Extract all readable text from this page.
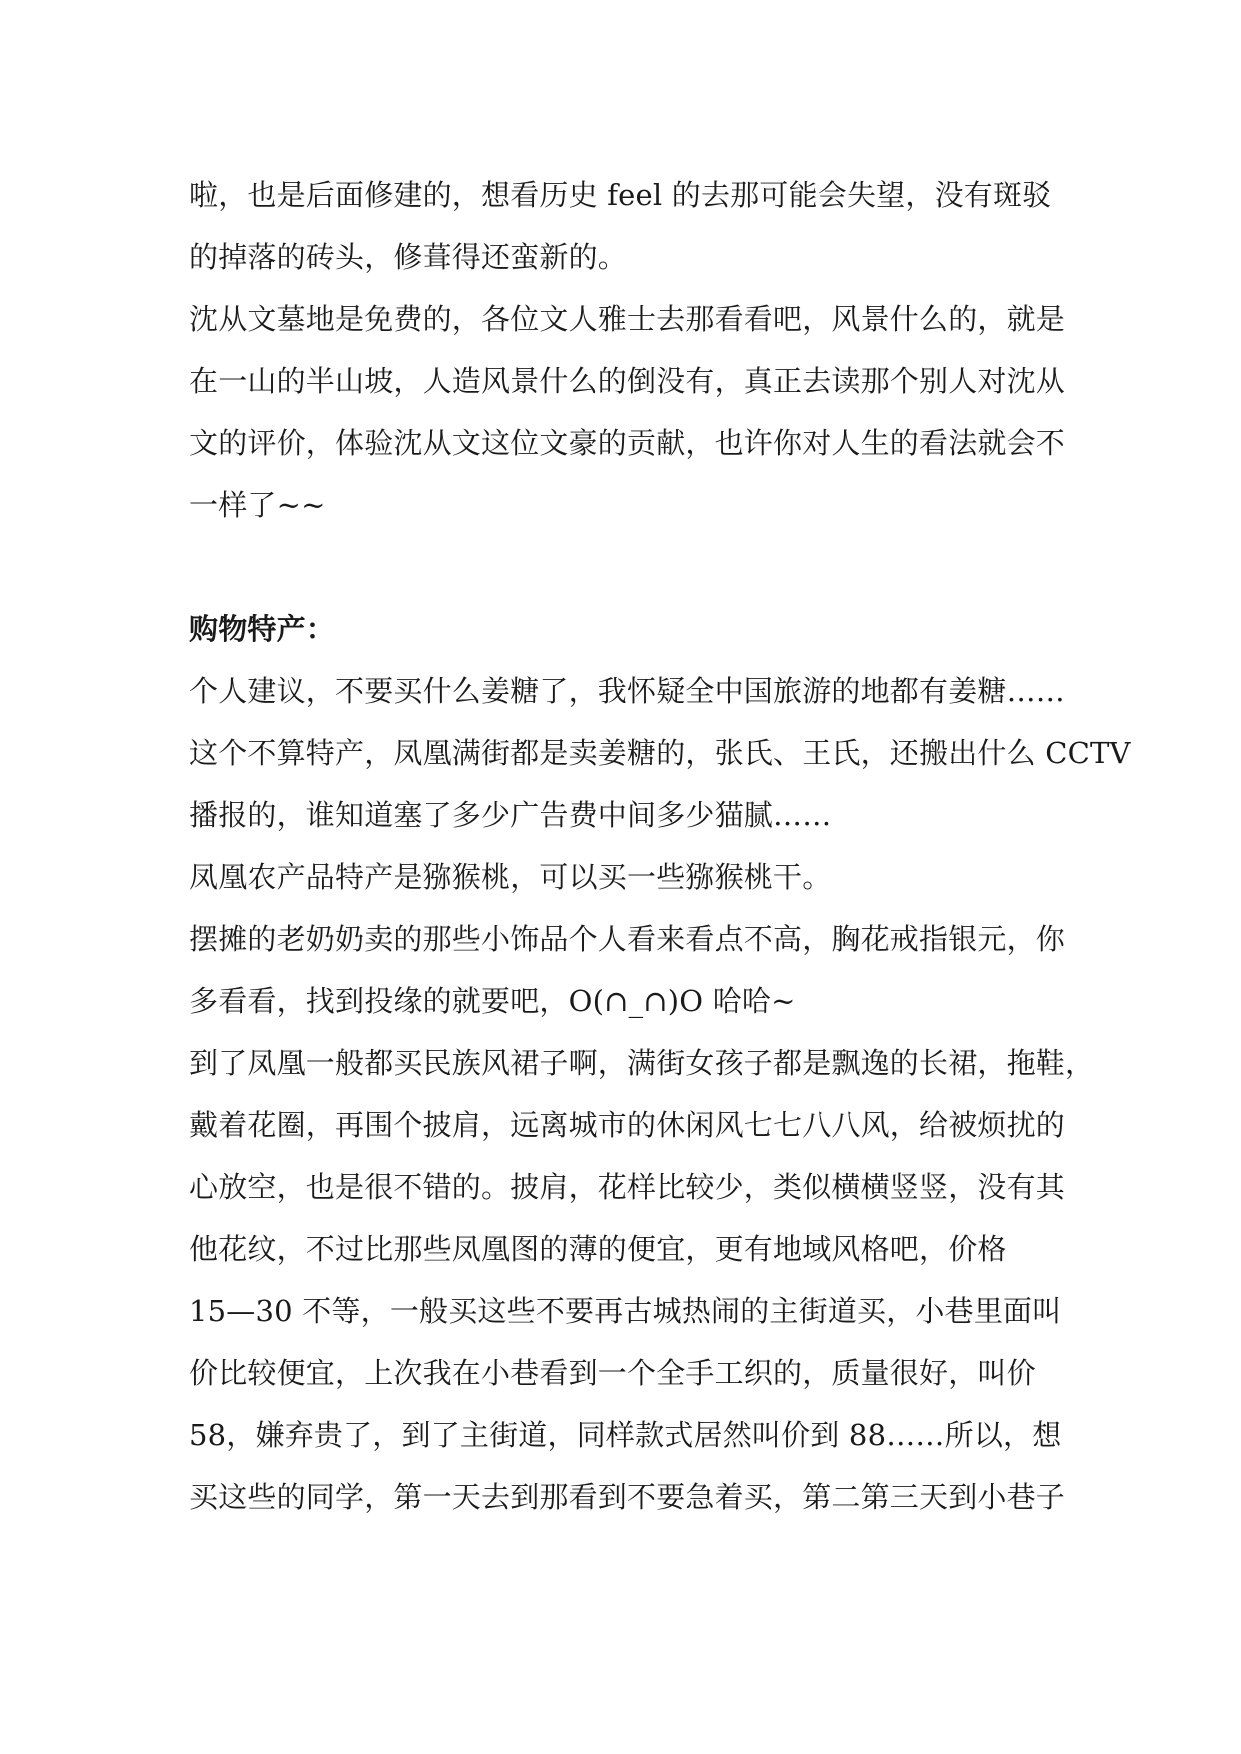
啦，也是后面修建的，想看历史 feel 的去那可能会失望，没有斑驳
的掉落的砖头，修葺得还蛮新的。
沈从文墓地是免费的，各位文人雅士去那看看吧，风景什么的，就是
在一山的半山坡，人造风景什么的倒没有，真正去读那个别人对沈从
文的评价，体验沈从文这位文豪的贡献，也许你对人生的看法就会不
一样了~~
购物特产：
个人建议，不要买什么姜糖了，我怀疑全中国旅游的地都有姜糖……
这个不算特产，凤凰满街都是卖姜糖的，张氏、王氏，还搬出什么 CCTV
播报的，谁知道塞了多少广告费中间多少猫腻……
凤凰农产品特产是猕猴桃，可以买一些猕猴桃干。
摆摊的老奶奶卖的那些小饰品个人看来看点不高，胸花戒指银元，你
多看看，找到投缘的就要吧，O(∩_∩)O 哈哈~
到了凤凰一般都买民族风裙子啊，满街女孩子都是飘逸的长裙，拖鞋，
戴着花圈，再围个披肩，远离城市的休闲风七七八八风，给被烦扰的
心放空，也是很不错的。披肩，花样比较少，类似横横竖竖，没有其
他花纹，不过比那些凤凰图的薄的便宜，更有地域风格吧，价格
15—30 不等，一般买这些不要再古城热闹的主街道买，小巷里面叫
价比较便宜，上次我在小巷看到一个全手工织的，质量很好，叫价
58，嫌弃贵了，到了主街道，同样款式居然叫价到 88……所以，想
买这些的同学，第一天去到那看到不要急着买，第二第三天到小巷子
